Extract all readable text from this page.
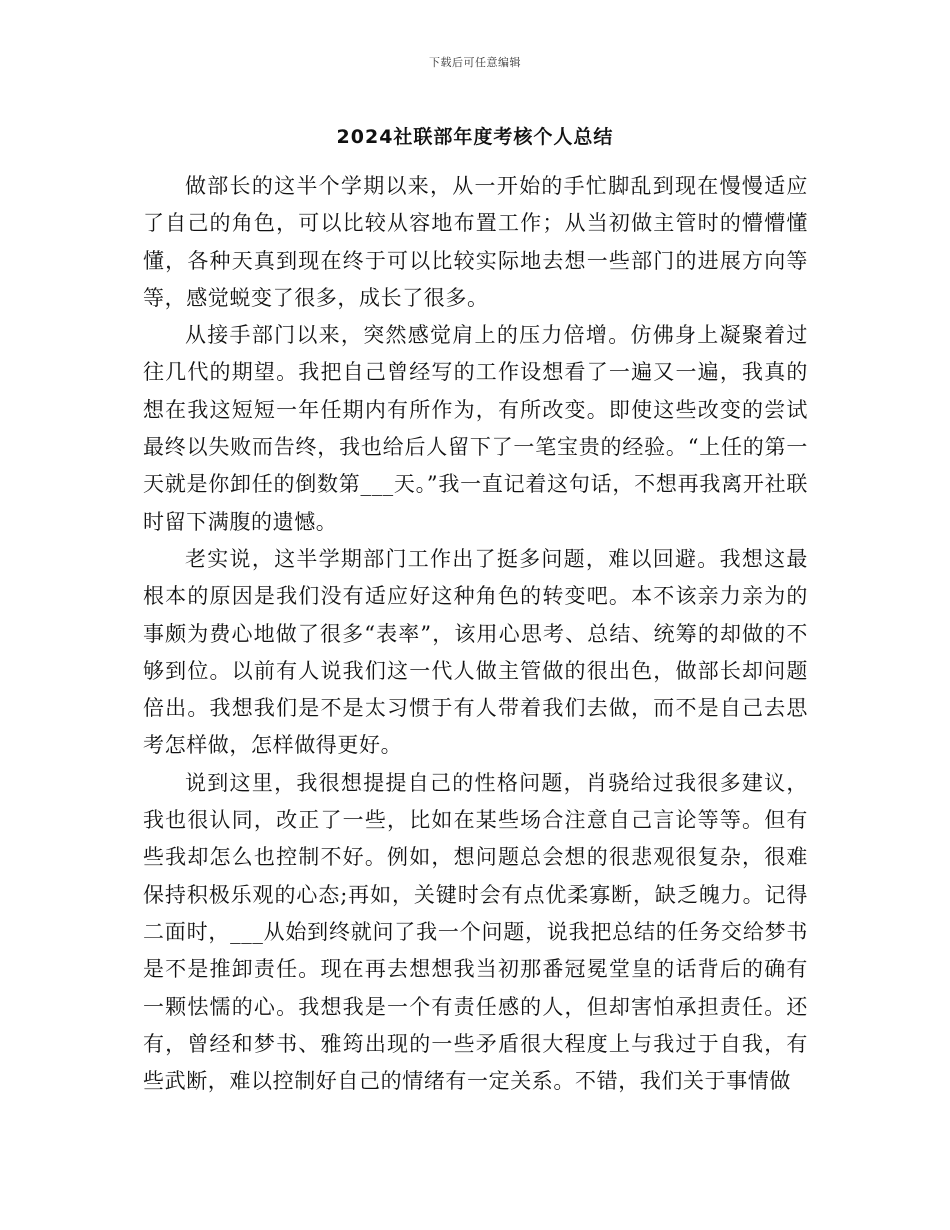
下载后可任意编辑
2024社联部年度考核个人总结

做部长的这半个学期以来，从一开始的手忙脚乱到现在慢慢适应了自己的角色，可以比较从容地布置工作；从当初做主管时的懵懵懂懂，各种天真到现在终于可以比较实际地去想一些部门的进展方向等等，感觉蜕变了很多，成长了很多。

从接手部门以来，突然感觉肩上的压力倍增。仿佛身上凝聚着过往几代的期望。我把自己曾经写的工作设想看了一遍又一遍，我真的想在我这短短一年任期内有所作为，有所改变。即使这些改变的尝试最终以失败而告终，我也给后人留下了一笔宝贵的经验。“上任的第一天就是你卸任的倒数第___天。”我一直记着这句话，不想再我离开社联时留下满腹的遗憾。

老实说，这半学期部门工作出了挺多问题，难以回避。我想这最根本的原因是我们没有适应好这种角色的转变吧。本不该亲力亲为的事颇为费心地做了很多“表率”，该用心思考、总结、统筹的却做的不够到位。以前有人说我们这一代人做主管做的很出色，做部长却问题倍出。我想我们是不是太习惯于有人带着我们去做，而不是自己去思考怎样做，怎样做得更好。

说到这里，我很想提提自己的性格问题，肖骁给过我很多建议，我也很认同，改正了一些，比如在某些场合注意自己言论等等。但有些我却怎么也控制不好。例如，想问题总会想的很悲观很复杂，很难保持积极乐观的心态;再如，关键时会有点优柔寡断，缺乏魄力。记得二面时，___从始到终就问了我一个问题，说我把总结的任务交给梦书是不是推卸责任。现在再去想想我当初那番冠冕堂皇的话背后的确有一颗怯懦的心。我想我是一个有责任感的人，但却害怕承担责任。还有，曾经和梦书、雅筠出现的一些矛盾很大程度上与我过于自我，有些武断，难以控制好自己的情绪有一定关系。不错，我们关于事情做
